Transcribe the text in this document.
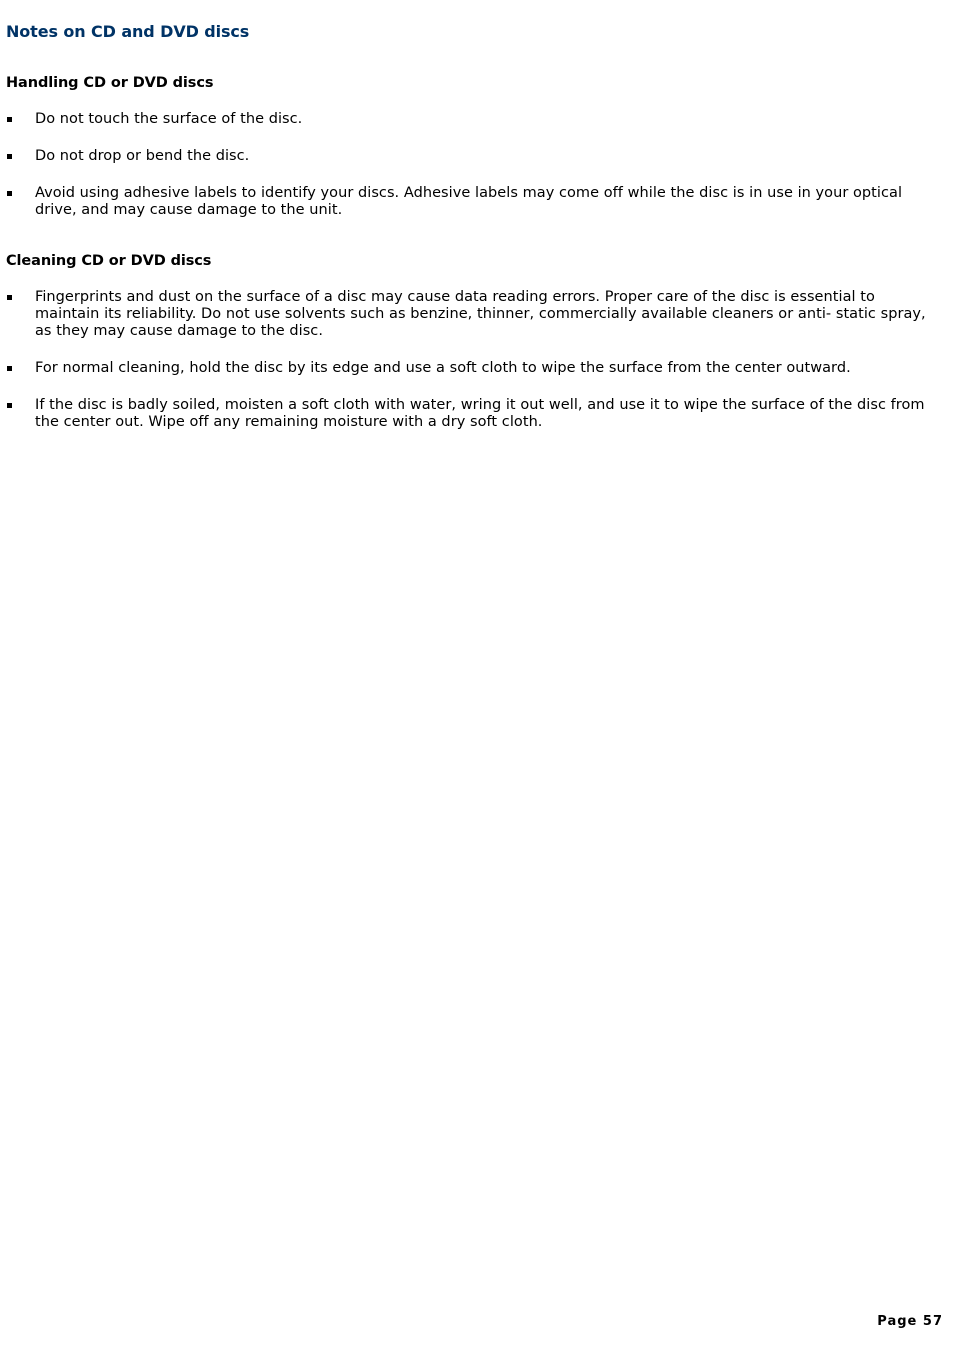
Notes on CD and DVD discs
Handling CD or DVD discs
Do not touch the surface of the disc.
Do not drop or bend the disc.
Avoid using adhesive labels to identify your discs. Adhesive labels may come off while the disc is in use in your optical drive, and may cause damage to the unit.
Cleaning CD or DVD discs
Fingerprints and dust on the surface of a disc may cause data reading errors. Proper care of the disc is essential to maintain its reliability. Do not use solvents such as benzine, thinner, commercially available cleaners or anti- static spray, as they may cause damage to the disc.
For normal cleaning, hold the disc by its edge and use a soft cloth to wipe the surface from the center outward.
If the disc is badly soiled, moisten a soft cloth with water, wring it out well, and use it to wipe the surface of the disc from the center out. Wipe off any remaining moisture with a dry soft cloth.

Page 57
